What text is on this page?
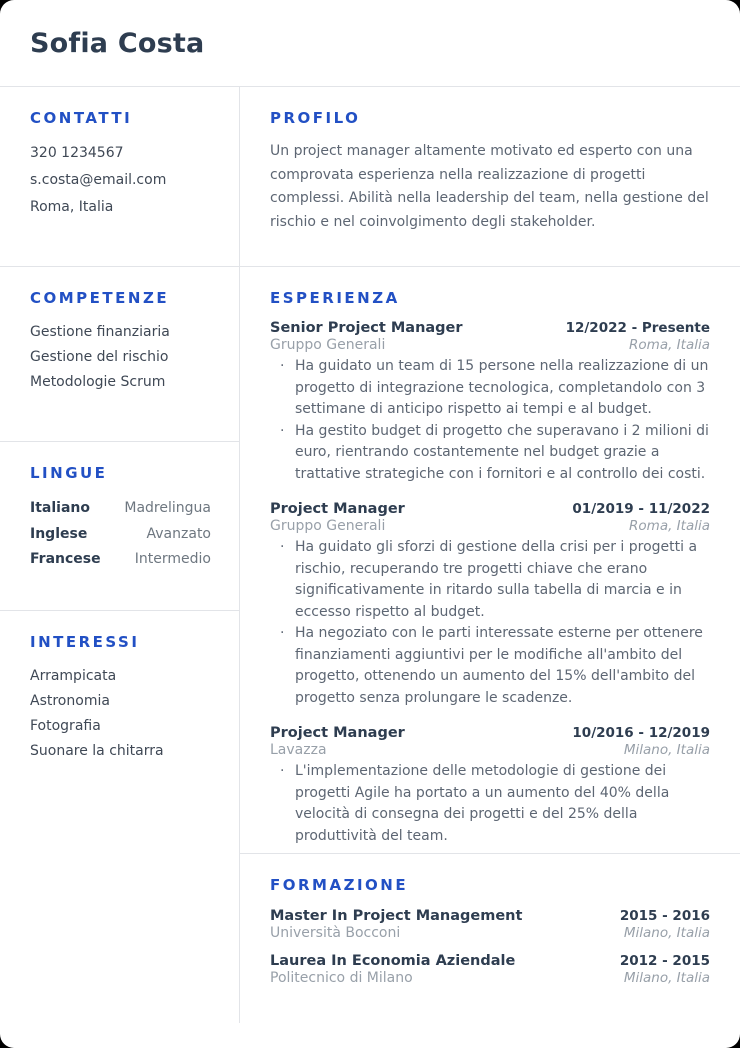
Sofia Costa
CONTATTI
320 1234567
s.costa@email.com
Roma, Italia
COMPETENZE
Gestione finanziaria
Gestione del rischio
Metodologie Scrum
LINGUE
Italiano Madrelingua
Inglese	Avanzato
Francese Intermedio
INTERESSI
Arrampicata
Astronomia
Fotografia
Suonare la chitarra
PROFILO

Un project manager altamente motivato ed esperto con una comprovata esperienza nella realizzazione di progetti complessi. Abilità nella leadership del team, nella gestione del rischio e nel coinvolgimento degli stakeholder.

ESPERIENZA
Senior Project Manager	12/2022 - Presente
Gruppo Generali	Roma, Italia
· Ha guidato un team di 15 persone nella realizzazione di un progetto di integrazione tecnologica, completandolo con 3 settimane di anticipo rispetto ai tempi e al budget.
· Ha gestito budget di progetto che superavano i 2 milioni di euro, rientrando costantemente nel budget grazie a trattative strategiche con i fornitori e al controllo dei costi.
Project Manager	01/2019 - 11/2022
Gruppo Generali	Roma, Italia
· Ha guidato gli sforzi di gestione della crisi per i progetti a rischio, recuperando tre progetti chiave che erano significativamente in ritardo sulla tabella di marcia e in eccesso rispetto al budget.
· Ha negoziato con le parti interessate esterne per ottenere finanziamenti aggiuntivi per le modifiche all'ambito del progetto, ottenendo un aumento del 15% dell'ambito del progetto senza prolungare le scadenze.
Project Manager	10/2016 - 12/2019
Lavazza	Milano, Italia
· L'implementazione delle metodologie di gestione dei progetti Agile ha portato a un aumento del 40% della velocità di consegna dei progetti e del 25% della produttività del team.
FORMAZIONE
Master In Project Management	2015 - 2016
Università Bocconi	Milano, Italia
Laurea In Economia Aziendale	2012 - 2015
Politecnico di Milano	Milano, Italia
